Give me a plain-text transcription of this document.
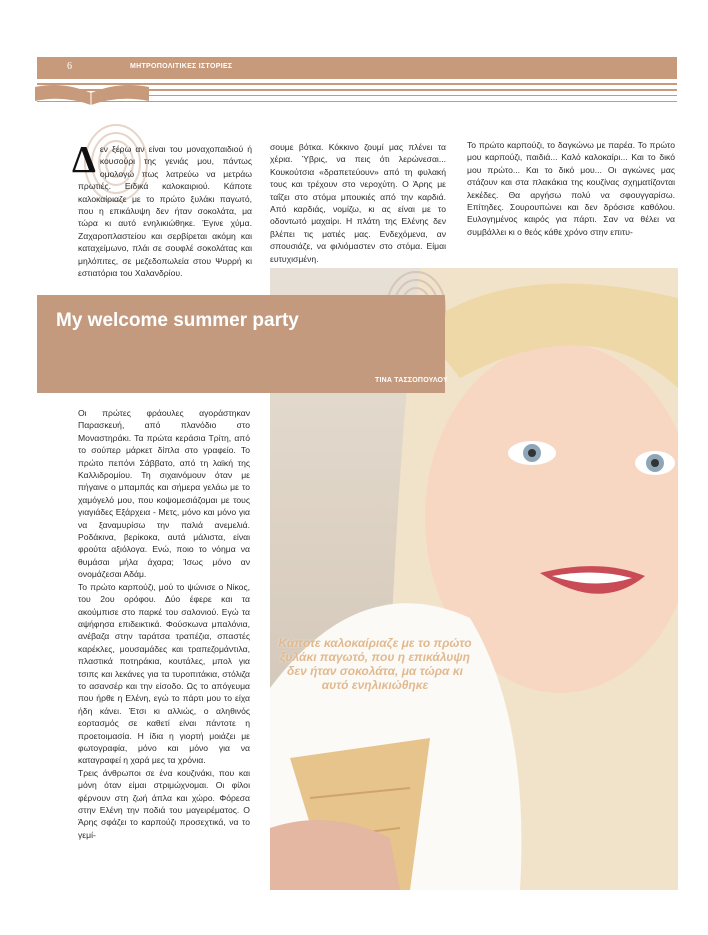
6	ΜΗΤΡΟΠΟΛΙΤΙΚΕΣ ΙΣΤΟΡΙΕΣ
Δεν ξέρω αν είναι του μοναχοπαιδιού ή κουσούρι της γενιάς μου, πάντως ομολογώ πως λατρεύω να μετράω πρωτιές. Ειδικά καλοκαιριού. Κάποτε καλοκαίριαζε με το πρώτο ξυλάκι παγωτό, που η επικάλυψη δεν ήταν σοκολάτα, μα τώρα κι αυτό ενηλικιώθηκε. Έγινε χύμα. Ζαχαροπλαστείου και σερβίρεται ακόμη και καταχείμωνο, πλάι σε σουφλέ σοκολάτας και μηλόπιτες, σε μεζεδοπωλεία στου Ψυρρή κι εστιατόρια του Χαλανδρίου.
σουμε βότκα. Κόκκινο ζουμί μας πλένει τα χέρια. Ύβρις, να πεις ότι λερώνεσαι... Κουκούτσια «δραπετεύουν» από τη φυλακή τους και τρέχουν στο νεροχύτη. Ο Άρης με ταΐζει στο στόμα μπουκιές από την καρδιά. Από καρδιάς, νομίζω, κι ας είναι με το οδοντωτό μαχαίρι. Η πλάτη της Ελένης δεν βλέπει τις ματιές μας. Ενδεχόμενα, αν σπουσιάζε, να φιλιόμαστεν στο στόμα. Είμαι ευτυχισμένη.
Το πρώτο καρπούζι, το δαγκώνω με παρέα. Το πρώτο μου καρπούζι, παιδιά... Καλό καλοκαίρι... Και το δικό μου πρώτο... Και το δικό μου... Οι αγκώνες μας στάζουν και στα πλακάκια της κουζίνας σχηματίζονται λεκέδες. Θα αργήσω πολύ να σφουγγαρίσω. Επίτηδες. Σουρουπώνει και δεν δρόσισε καθόλου. Ευλογημένος καιρός για πάρτι. Σαν να θέλει να συμβάλλει κι ο θεός κάθε χρόνο στην επιτυ-
My welcome summer party
ΤΙΝΑ ΤΑΣΣΟΠΟΥΛΟΥ

Οι πρώτες φράουλες αγοράστηκαν Παρασκευή, από πλανόδιο στο Μοναστηράκι. Τα πρώτα κεράσια Τρίτη, από το σούπερ μάρκετ δίπλα στο γραφείο. Το πρώτο πεπόνι Σάββατο, από τη λαϊκή της Καλλιδρομίου. Τη σιχαινόμουν όταν με πήγαινε ο μπαμπάς και σήμερα γελάω με το χαμόγελό μου, που κοψομεσιάζομαι με τους γιαγιάδες Εξάρχεια - Μετς, μόνο και μόνο για να ξαναμυρίσω την παλιά ανεμελιά. Ροδάκινα, βερίκοκα, αυτά μάλιστα, είναι φρούτα αξιόλογα. Ενώ, ποιο το νόημα να θυμάσαι μήλα άχαρα; Ίσως μόνο αν ονομάζεσαι Αδάμ.

Το πρώτο καρπούζι, μού το ψώνισε ο Νίκος, του 2ου ορόφου. Δύο έφερε και τα ακούμπισε στο παρκέ του σαλονιού. Εγώ τα αψήφησα επιδεικτικά. Φούσκωνα μπαλόνια, ανέβαζα στην ταράτσα τραπέζια, σπαστές καρέκλες, μουσαμάδες και τραπεζομάντιλα, πλαστικά ποτηράκια, κουτάλες, μπολ για τσιπς και λεκάνες για τα τυροπιτάκια, στόλιζα το ασανσέρ και την είσοδο. Ως το απόγευμα που ήρθε η Ελένη, εγώ το πάρτι μου το είχα ήδη κάνει. Έτσι κι αλλιώς, ο αληθινός εορτασμός σε καθετί είναι πάντοτε η προετοιμασία. Η ίδια η γιορτή μοιάζει με φωτογραφία, μόνο και μόνο για να καταγραφεί η χαρά μες τα χρόνια.

Τρεις άνθρωποι σε ένα κουζινάκι, που και μόνη όταν είμαι στριμώχνομαι. Οι φίλοι φέρνουν στη ζωή άπλα και χώρο. Φόρεσα στην Ελένη την ποδιά του μαγειρέματος. Ο Άρης σφάζει το καρπούζι προσεχτικά, να το γεμί-

Κάποτε καλοκαίριαζε με το πρώτο ξυλάκι παγωτό, που η επικάλυψη δεν ήταν σοκολάτα, μα τώρα κι αυτό ενηλικιώθηκε
